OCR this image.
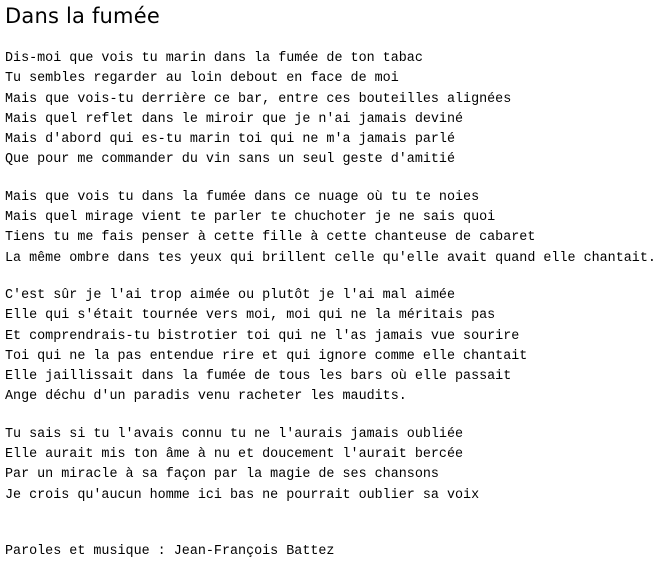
Dans la fumée
Dis-moi que vois tu marin dans la fumée de ton tabac
Tu sembles regarder au loin debout en face de moi
Mais que vois-tu derrière ce bar, entre ces bouteilles alignées
Mais quel reflet dans le miroir que je n'ai jamais deviné
Mais d'abord qui es-tu marin toi qui ne m'a jamais parlé
Que pour me commander du vin sans un seul geste d'amitié
Mais que vois tu dans la fumée dans ce nuage où tu te noies
Mais quel mirage vient te parler te chuchoter je ne sais quoi
Tiens tu me fais penser à cette fille à cette chanteuse de cabaret
La même ombre dans tes yeux qui brillent celle qu'elle avait quand elle chantait.
C'est sûr je l'ai trop aimée ou plutôt je l'ai mal aimée
Elle qui s'était tournée vers moi, moi qui ne la méritais pas
Et comprendrais-tu bistrotier toi qui ne l'as jamais vue sourire
Toi qui ne la pas entendue rire et qui ignore comme elle chantait
Elle jaillissait dans la fumée de tous les bars où elle passait
Ange déchu d'un paradis venu racheter les maudits.
Tu sais si tu l'avais connu tu ne l'aurais jamais oubliée
Elle aurait mis ton âme à nu et doucement l'aurait bercée
Par un miracle à sa façon par la magie de ses chansons
Je crois qu'aucun homme ici bas ne pourrait oublier sa voix
Paroles et musique : Jean-François Battez
